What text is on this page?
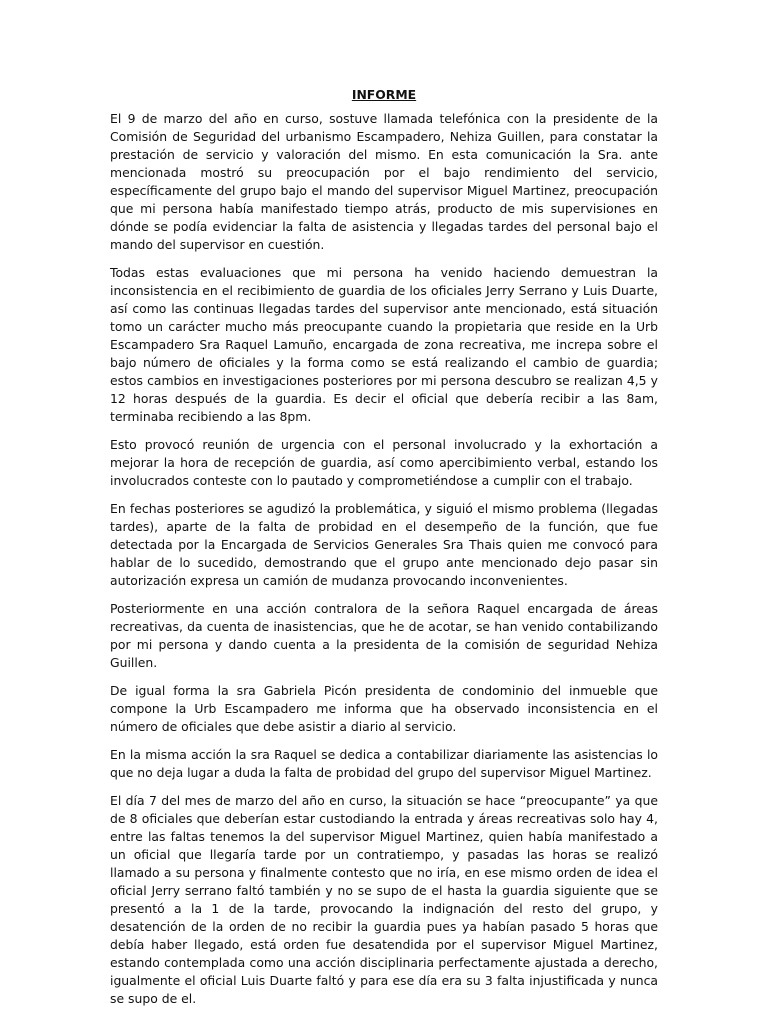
INFORME

El 9 de marzo del año en curso, sostuve llamada telefónica con la presidente de la Comisión de Seguridad del urbanismo Escampadero, Nehiza Guillen, para constatar la prestación de servicio y valoración del mismo. En esta comunicación la Sra. ante mencionada mostró su preocupación por el bajo rendimiento del servicio, específicamente del grupo bajo el mando del supervisor Miguel Martinez, preocupación que mi persona había manifestado tiempo atrás, producto de mis supervisiones en dónde se podía evidenciar la falta de asistencia y llegadas tardes del personal bajo el mando del supervisor en cuestión.

Todas estas evaluaciones que mi persona ha venido haciendo demuestran la inconsistencia en el recibimiento de guardia de los oficiales Jerry Serrano y Luis Duarte, así como las continuas llegadas tardes del supervisor ante mencionado, está situación tomo un carácter mucho más preocupante cuando la propietaria que reside en la Urb Escampadero Sra Raquel Lamuño, encargada de zona recreativa, me increpa sobre el bajo número de oficiales y la forma como se está realizando el cambio de guardia; estos cambios en investigaciones posteriores por mi persona descubro se realizan 4,5 y 12 horas después de la guardia. Es decir el oficial que debería recibir a las 8am, terminaba recibiendo a las 8pm.

Esto provocó reunión de urgencia con el personal involucrado y la exhortación a mejorar la hora de recepción de guardia, así como apercibimiento verbal, estando los involucrados conteste con lo pautado y comprometiéndose a cumplir con el trabajo.

En fechas posteriores se agudizó la problemática, y siguió el mismo problema (llegadas tardes), aparte de la falta de probidad en el desempeño de la función, que fue detectada por la Encargada de Servicios Generales Sra Thais quien me convocó para hablar de lo sucedido, demostrando que el grupo ante mencionado dejo pasar sin autorización expresa un camión de mudanza provocando inconvenientes.

Posteriormente en una acción contralora de la señora Raquel encargada de áreas recreativas, da cuenta de inasistencias, que he de acotar, se han venido contabilizando por mi persona y dando cuenta a la presidenta de la comisión de seguridad Nehiza Guillen.

De igual forma la sra Gabriela Picón presidenta de condominio del inmueble que compone la Urb Escampadero me informa que ha observado inconsistencia en el número de oficiales que debe asistir a diario al servicio.

En la misma acción la sra Raquel se dedica a contabilizar diariamente las asistencias lo que no deja lugar a duda la falta de probidad del grupo del supervisor Miguel Martinez.

El día 7 del mes de marzo del año en curso, la situación se hace “preocupante” ya que de 8 oficiales que deberían estar custodiando la entrada y áreas recreativas solo hay 4, entre las faltas tenemos la del supervisor Miguel Martinez, quien había manifestado a un oficial que llegaría tarde por un contratiempo, y pasadas las horas se realizó llamado a su persona y finalmente contesto que no iría, en ese mismo orden de idea el oficial Jerry serrano faltó también y no se supo de el hasta la guardia siguiente que se presentó a la 1 de la tarde, provocando la indignación del resto del grupo, y desatención de la orden de no recibir la guardia pues ya habían pasado 5 horas que debía haber llegado, está orden fue desatendida por el supervisor Miguel Martinez, estando contemplada como una acción disciplinaria perfectamente ajustada a derecho, igualmente el oficial Luis Duarte faltó y para ese día era su 3 falta injustificada y nunca se supo de el.
